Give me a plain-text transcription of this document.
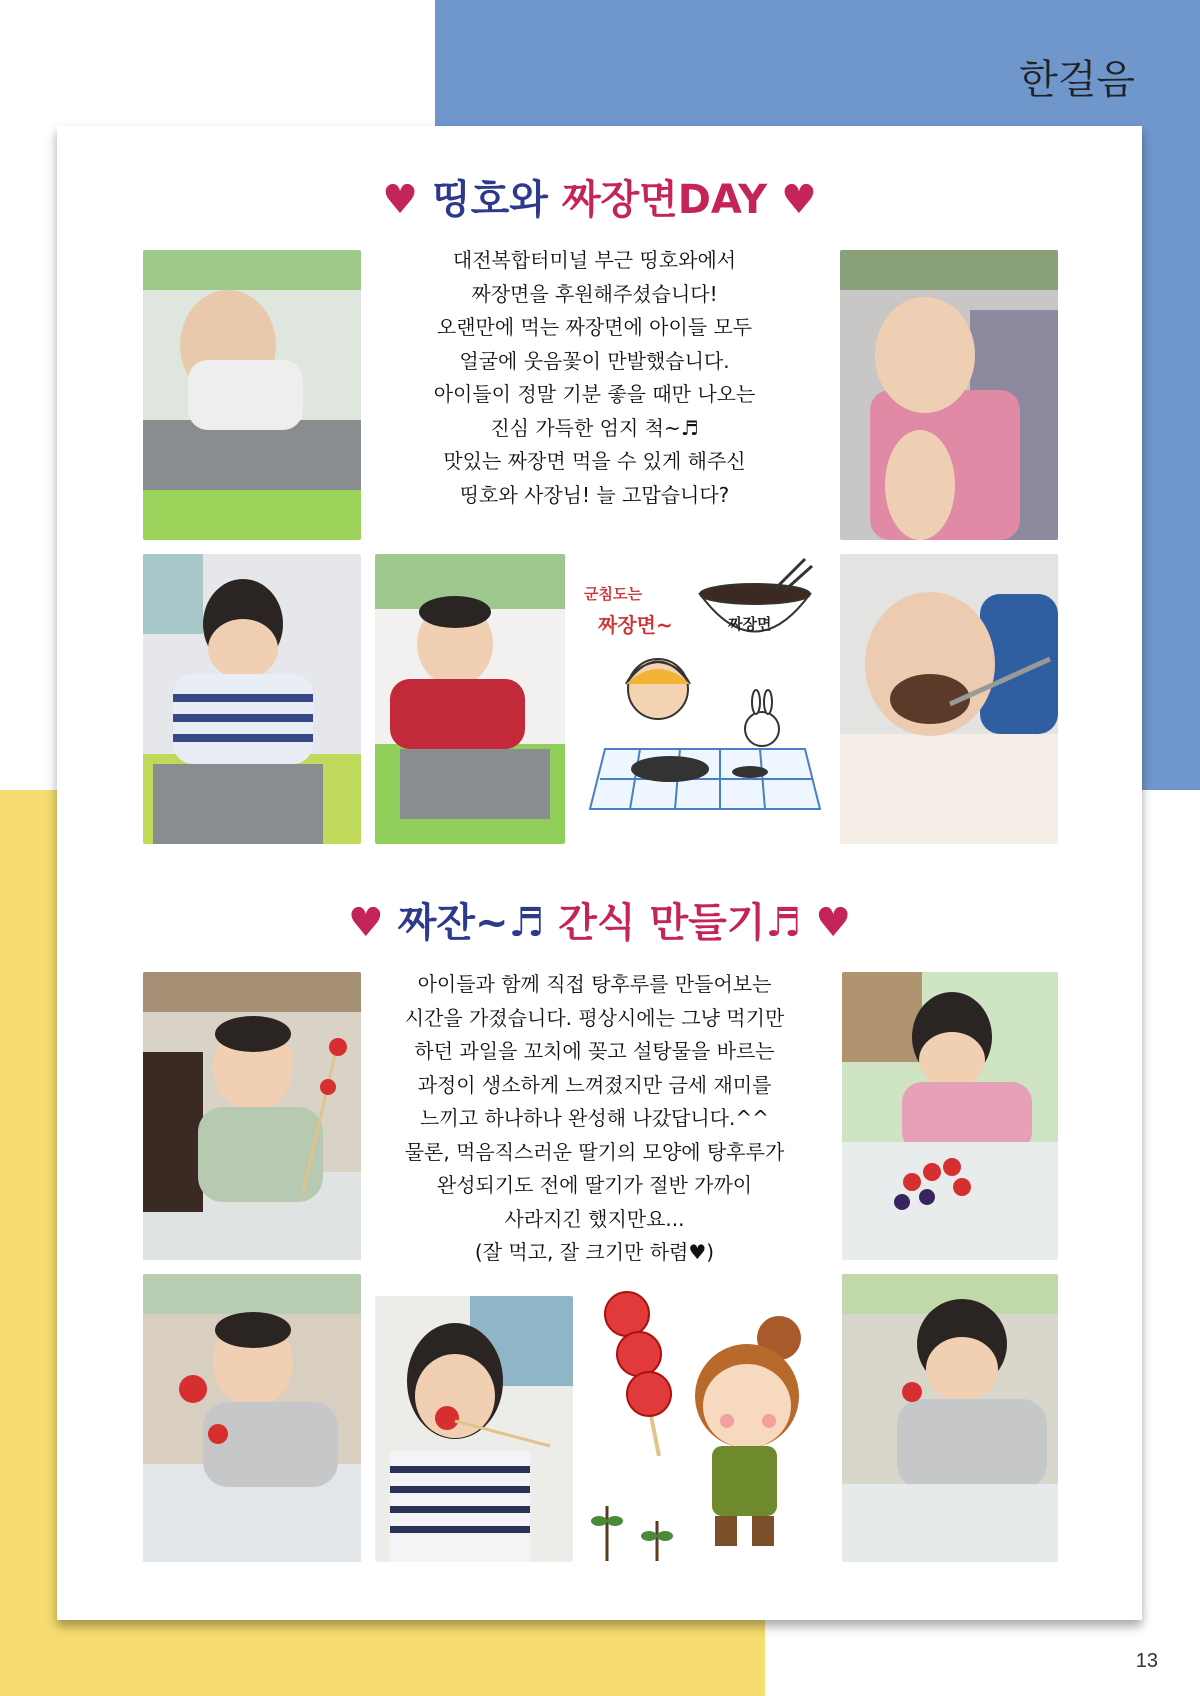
한걸음
13
♥ 띵호와 짜장면DAY ♥
대전복합터미널 부근 띵호와에서
짜장면을 후원해주셨습니다!
오랜만에 먹는 짜장면에 아이들 모두
얼굴에 웃음꽃이 만발했습니다.
아이들이 정말 기분 좋을 때만 나오는
진심 가득한 엄지 척~♬
맛있는 짜장면 먹을 수 있게 해주신
띵호와 사장님! 늘 고맙습니다?
군침도는
짜장면~	짜장면
♥ 짜잔~♬ 간식 만들기♬ ♥
아이들과 함께 직접 탕후루를 만들어보는
시간을 가졌습니다. 평상시에는 그냥 먹기만
하던 과일을 꼬치에 꽂고 설탕물을 바르는
과정이 생소하게 느껴졌지만 금세 재미를
느끼고 하나하나 완성해 나갔답니다.^^
물론, 먹음직스러운 딸기의 모양에 탕후루가
완성되기도 전에 딸기가 절반 가까이
사라지긴 했지만요...
(잘 먹고, 잘 크기만 하렴♥)
